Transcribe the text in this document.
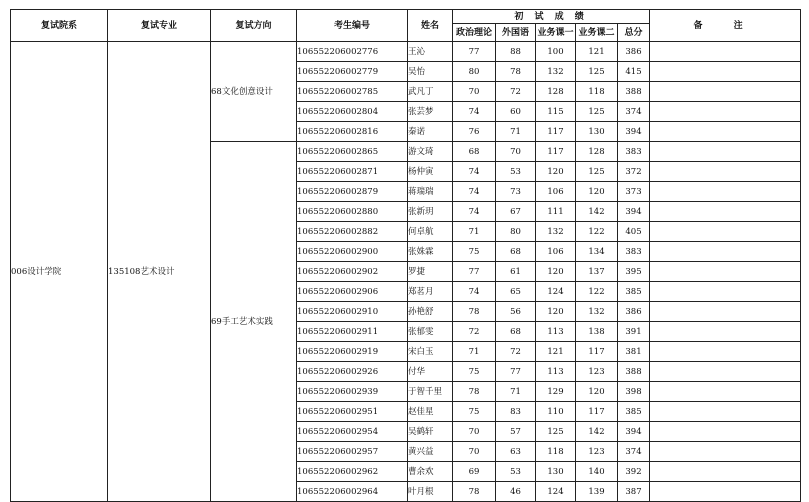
复试院系	复试专业	复试方向	考生编号	姓名	初 试 成 绩					备 注
					政治理论	外国语	业务课一	业务课二	总分	
006设计学院	135108艺术设计	68文化创意设计	106552206002776	王沁	77	88	100	121	386	
			106552206002779	吴怡	80	78	132	125	415	
			106552206002785	武凡丁	70	72	128	118	388	
			106552206002804	张芸梦	74	60	115	125	374	
			106552206002816	秦诺	76	71	117	130	394	
		69手工艺术实践	106552206002865	游文琦	68	70	117	128	383	
			106552206002871	杨仲寅	74	53	120	125	372	
			106552206002879	蒋瑞瑞	74	73	106	120	373	
			106552206002880	张新玥	74	67	111	142	394	
			106552206002882	何卓航	71	80	132	122	405	
			106552206002900	张姝霖	75	68	106	134	383	
			106552206002902	罗捷	77	61	120	137	395	
			106552206002906	郑茗月	74	65	124	122	385	
			106552206002910	孙艳舒	78	56	120	132	386	
			106552206002911	张郁雯	72	68	113	138	391	
			106552206002919	宋白玉	71	72	121	117	381	
			106552206002926	付华	75	77	113	123	388	
			106552206002939	于智千里	78	71	129	120	398	
			106552206002951	赵佳星	75	83	110	117	385	
			106552206002954	吴鹤轩	70	57	125	142	394	
			106552206002957	黄兴益	70	63	118	123	374	
			106552206002962	曹余欢	69	53	130	140	392	
			106552206002964	叶月根	78	46	124	139	387	
